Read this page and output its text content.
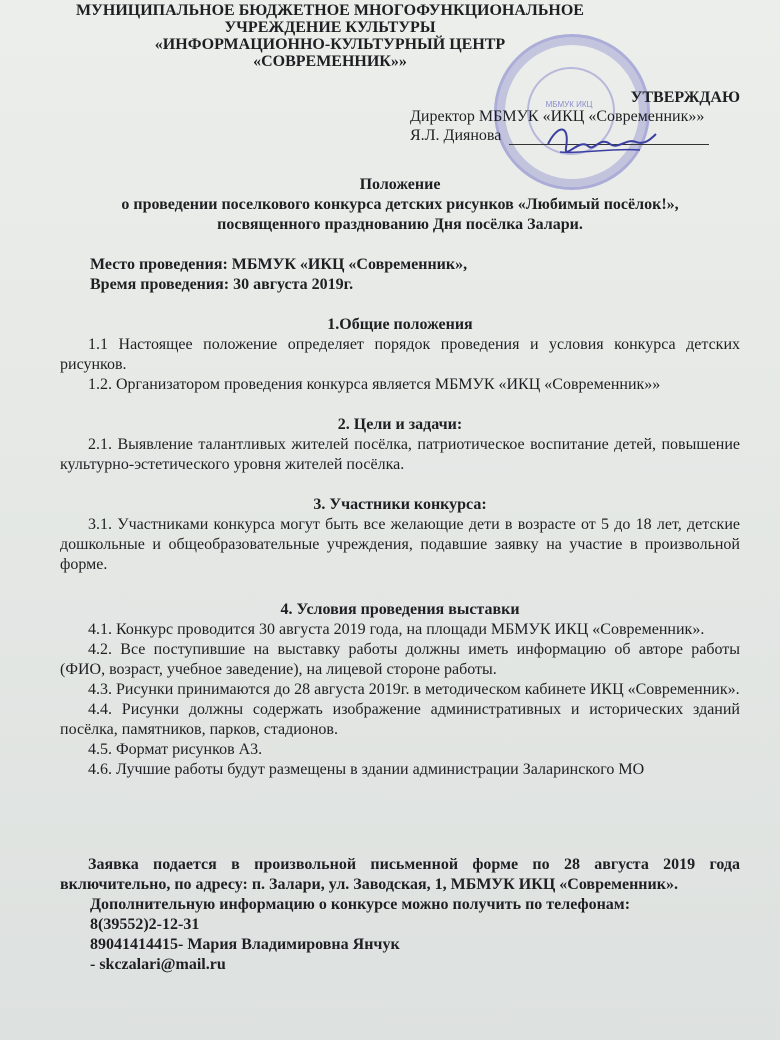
МУНИЦИПАЛЬНОЕ БЮДЖЕТНОЕ МНОГОФУНКЦИОНАЛЬНОЕ
УЧРЕЖДЕНИЕ КУЛЬТУРЫ
«ИНФОРМАЦИОННО-КУЛЬТУРНЫЙ ЦЕНТР
«СОВРЕМЕННИК»»
МБМУК ИКЦ	УТВЕРЖДАЮ
Директор МБМУК «ИКЦ «Современник»»
Я.Л. Диянова
Положение
о проведении поселкового конкурса детских рисунков «Любимый посёлок!»,
посвященного празднованию Дня посёлка Залари.
Место проведения: МБМУК «ИКЦ «Современник»,
Время проведения: 30 августа 2019г.
1.Общие положения
1.1 Настоящее положение определяет порядок проведения и условия конкурса детских рисунков.
1.2. Организатором проведения конкурса является МБМУК «ИКЦ «Современник»»
2. Цели и задачи:
2.1. Выявление талантливых жителей посёлка, патриотическое воспитание детей, повышение культурно-эстетического уровня жителей посёлка.
3. Участники конкурса:
3.1. Участниками конкурса могут быть все желающие дети в возрасте от 5 до 18 лет, детские дошкольные и общеобразовательные учреждения, подавшие заявку на участие в произвольной форме.
4. Условия проведения выставки
4.1. Конкурс проводится 30 августа 2019 года, на площади МБМУК ИКЦ «Современник».
4.2. Все поступившие на выставку работы должны иметь информацию об авторе работы (ФИО, возраст, учебное заведение), на лицевой стороне работы.
4.3. Рисунки принимаются до 28 августа 2019г. в методическом кабинете ИКЦ «Современник».
4.4. Рисунки должны содержать изображение административных и исторических зданий посёлка, памятников, парков, стадионов.
4.5. Формат рисунков А3.
4.6. Лучшие работы будут размещены в здании администрации Заларинского МО
Заявка подается в произвольной письменной форме по 28 августа 2019 года включительно, по адресу: п. Залари, ул. Заводская, 1, МБМУК ИКЦ «Современник».
Дополнительную информацию о конкурсе можно получить по телефонам:
8(39552)2-12-31
89041414415- Мария Владимировна Янчук
- skczalari@mail.ru
